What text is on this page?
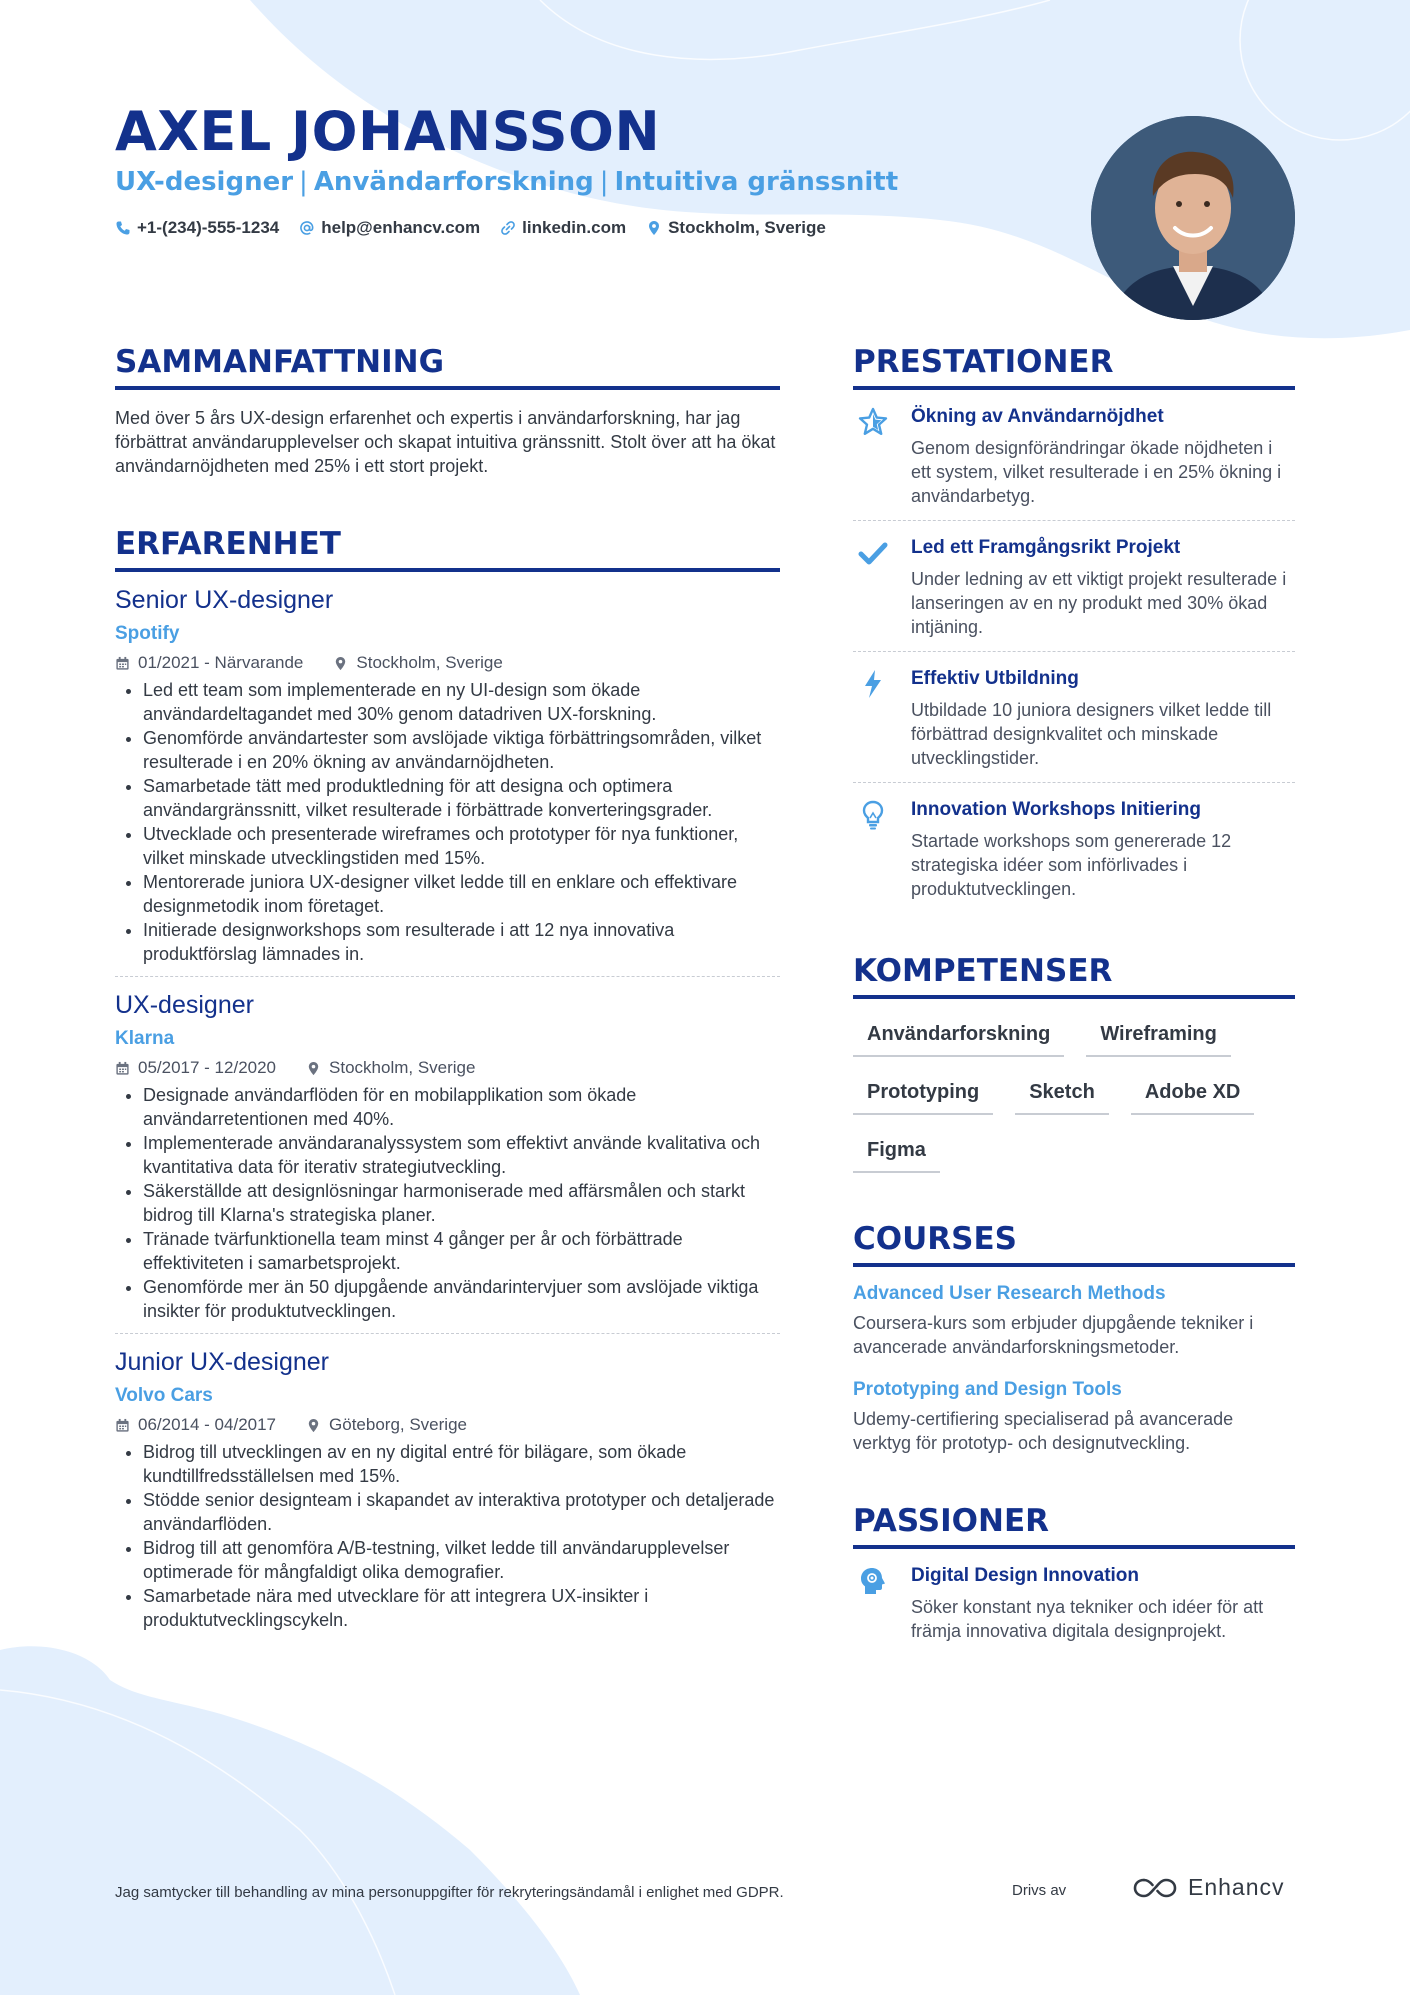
AXEL JOHANSSON
UX-designer | Användarforskning | Intuitiva gränssnitt
+1-(234)-555-1234 help@enhancv.com linkedin.com Stockholm, Sverige
SAMMANFATTNING

Med över 5 års UX-design erfarenhet och expertis i användarforskning, har jag förbättrat användarupplevelser och skapat intuitiva gränssnitt. Stolt över att ha ökat användarnöjdheten med 25% i ett stort projekt.

ERFARENHET
Senior UX-designer
Spotify
01/2021 - Närvarande	Stockholm, Sverige
• Led ett team som implementerade en ny UI-design som ökade användardeltagandet med 30% genom datadriven UX-forskning.
• Genomförde användartester som avslöjade viktiga förbättringsområden, vilket resulterade i en 20% ökning av användarnöjdheten.
• Samarbetade tätt med produktledning för att designa och optimera användargränssnitt, vilket resulterade i förbättrade konverteringsgrader.
• Utvecklade och presenterade wireframes och prototyper för nya funktioner, vilket minskade utvecklingstiden med 15%.
• Mentorerade juniora UX-designer vilket ledde till en enklare och effektivare designmetodik inom företaget.
• Initierade designworkshops som resulterade i att 12 nya innovativa produktförslag lämnades in.
UX-designer
Klarna
05/2017 - 12/2020	Stockholm, Sverige
• Designade användarflöden för en mobilapplikation som ökade användarretentionen med 40%.
• Implementerade användaranalyssystem som effektivt använde kvalitativa och kvantitativa data för iterativ strategiutveckling.
• Säkerställde att designlösningar harmoniserade med affärsmålen och starkt bidrog till Klarna's strategiska planer.
• Tränade tvärfunktionella team minst 4 gånger per år och förbättrade effektiviteten i samarbetsprojekt.
• Genomförde mer än 50 djupgående användarintervjuer som avslöjade viktiga insikter för produktutvecklingen.
Junior UX-designer
Volvo Cars
06/2014 - 04/2017	Göteborg, Sverige
• Bidrog till utvecklingen av en ny digital entré för bilägare, som ökade kundtillfredsställelsen med 15%.
• Stödde senior designteam i skapandet av interaktiva prototyper och detaljerade användarflöden.
• Bidrog till att genomföra A/B-testning, vilket ledde till användarupplevelser optimerade för mångfaldigt olika demografier.
• Samarbetade nära med utvecklare för att integrera UX-insikter i produktutvecklingscykeln.
PRESTATIONER
Ökning av Användarnöjdhet
Genom designförändringar ökade nöjdheten i ett system, vilket resulterade i en 25% ökning i användarbetyg.
Led ett Framgångsrikt Projekt
Under ledning av ett viktigt projekt resulterade i lanseringen av en ny produkt med 30% ökad intjäning.
Effektiv Utbildning
Utbildade 10 juniora designers vilket ledde till förbättrad designkvalitet och minskade utvecklingstider.
Innovation Workshops Initiering
Startade workshops som genererade 12 strategiska idéer som införlivades i produktutvecklingen.
KOMPETENSER
Användarforskning	Wireframing
Prototyping	Sketch	Adobe XD
Figma
COURSES
Advanced User Research Methods
Coursera-kurs som erbjuder djupgående tekniker i avancerade användarforskningsmetoder.
Prototyping and Design Tools
Udemy-certifiering specialiserad på avancerade verktyg för prototyp- och designutveckling.
PASSIONER
Digital Design Innovation
Söker konstant nya tekniker och idéer för att främja innovativa digitala designprojekt.
Jag samtycker till behandling av mina personuppgifter för rekryteringsändamål i enlighet med GDPR.	Drivs av	Enhancv
